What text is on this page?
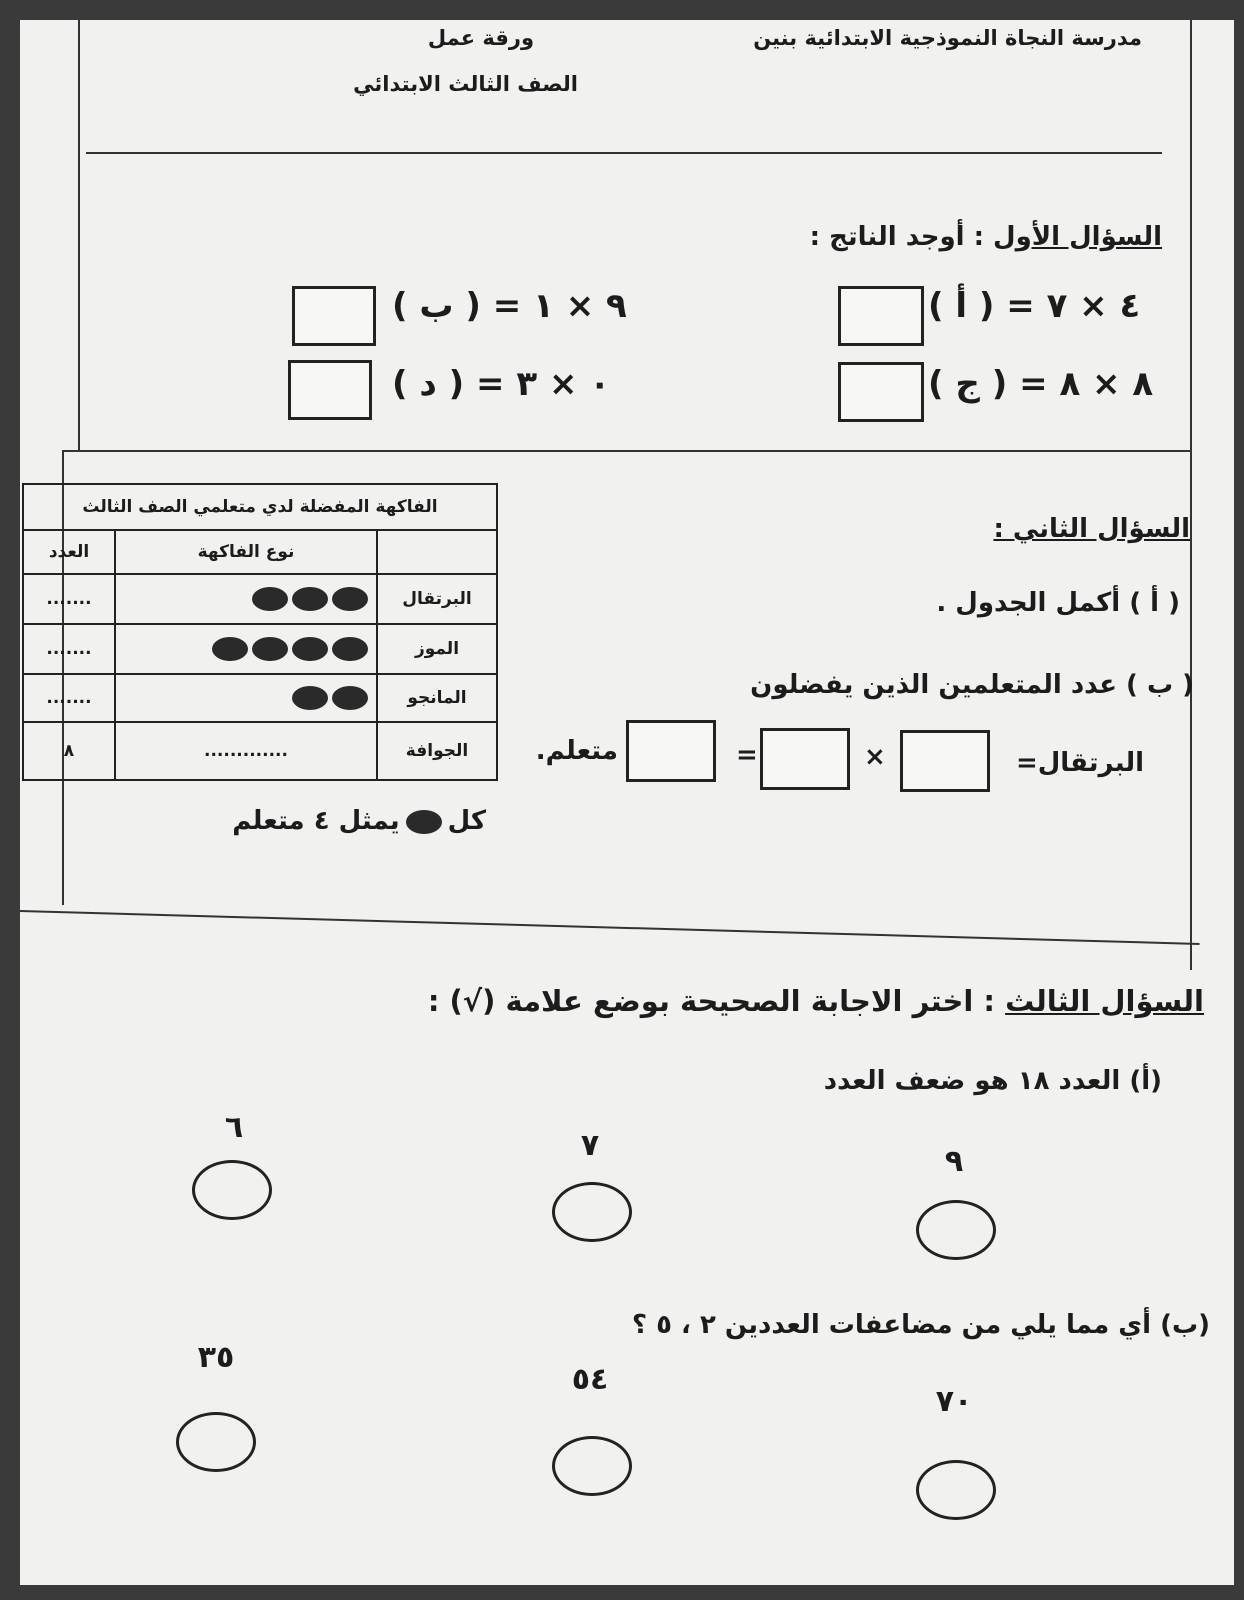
مدرسة النجاة النموذجية الابتدائية بنين
ورقة عمل
الصف الثالث الابتدائي
السؤال الأول : أوجد الناتج :
٤ × ٧ = ( أ )
٩ × ١ = ( ب )
٨ × ٨ = ( ج )
٠ × ٣ = ( د )
السؤال الثاني :
( أ ) أكمل الجدول .
( ب ) عدد المتعلمين الذين يفضلون
البرتقال=
×
=
متعلم.
الفاكهة المفضلة لدي متعلمي الصف الثالث		
	نوع الفاكهة	العدد
البرتقال		.......
الموز		.......
المانجو		.......
الجوافة	.............	٨
كليمثل ٤ متعلم
السؤال الثالث : اختر الاجابة الصحيحة بوضع علامة (√) :
(أ) العدد ١٨ هو ضعف العدد
٩
٧
٦
(ب) أي مما يلي من مضاعفات العددين ٢ ، ٥ ؟
٧٠
٥٤
٣٥
